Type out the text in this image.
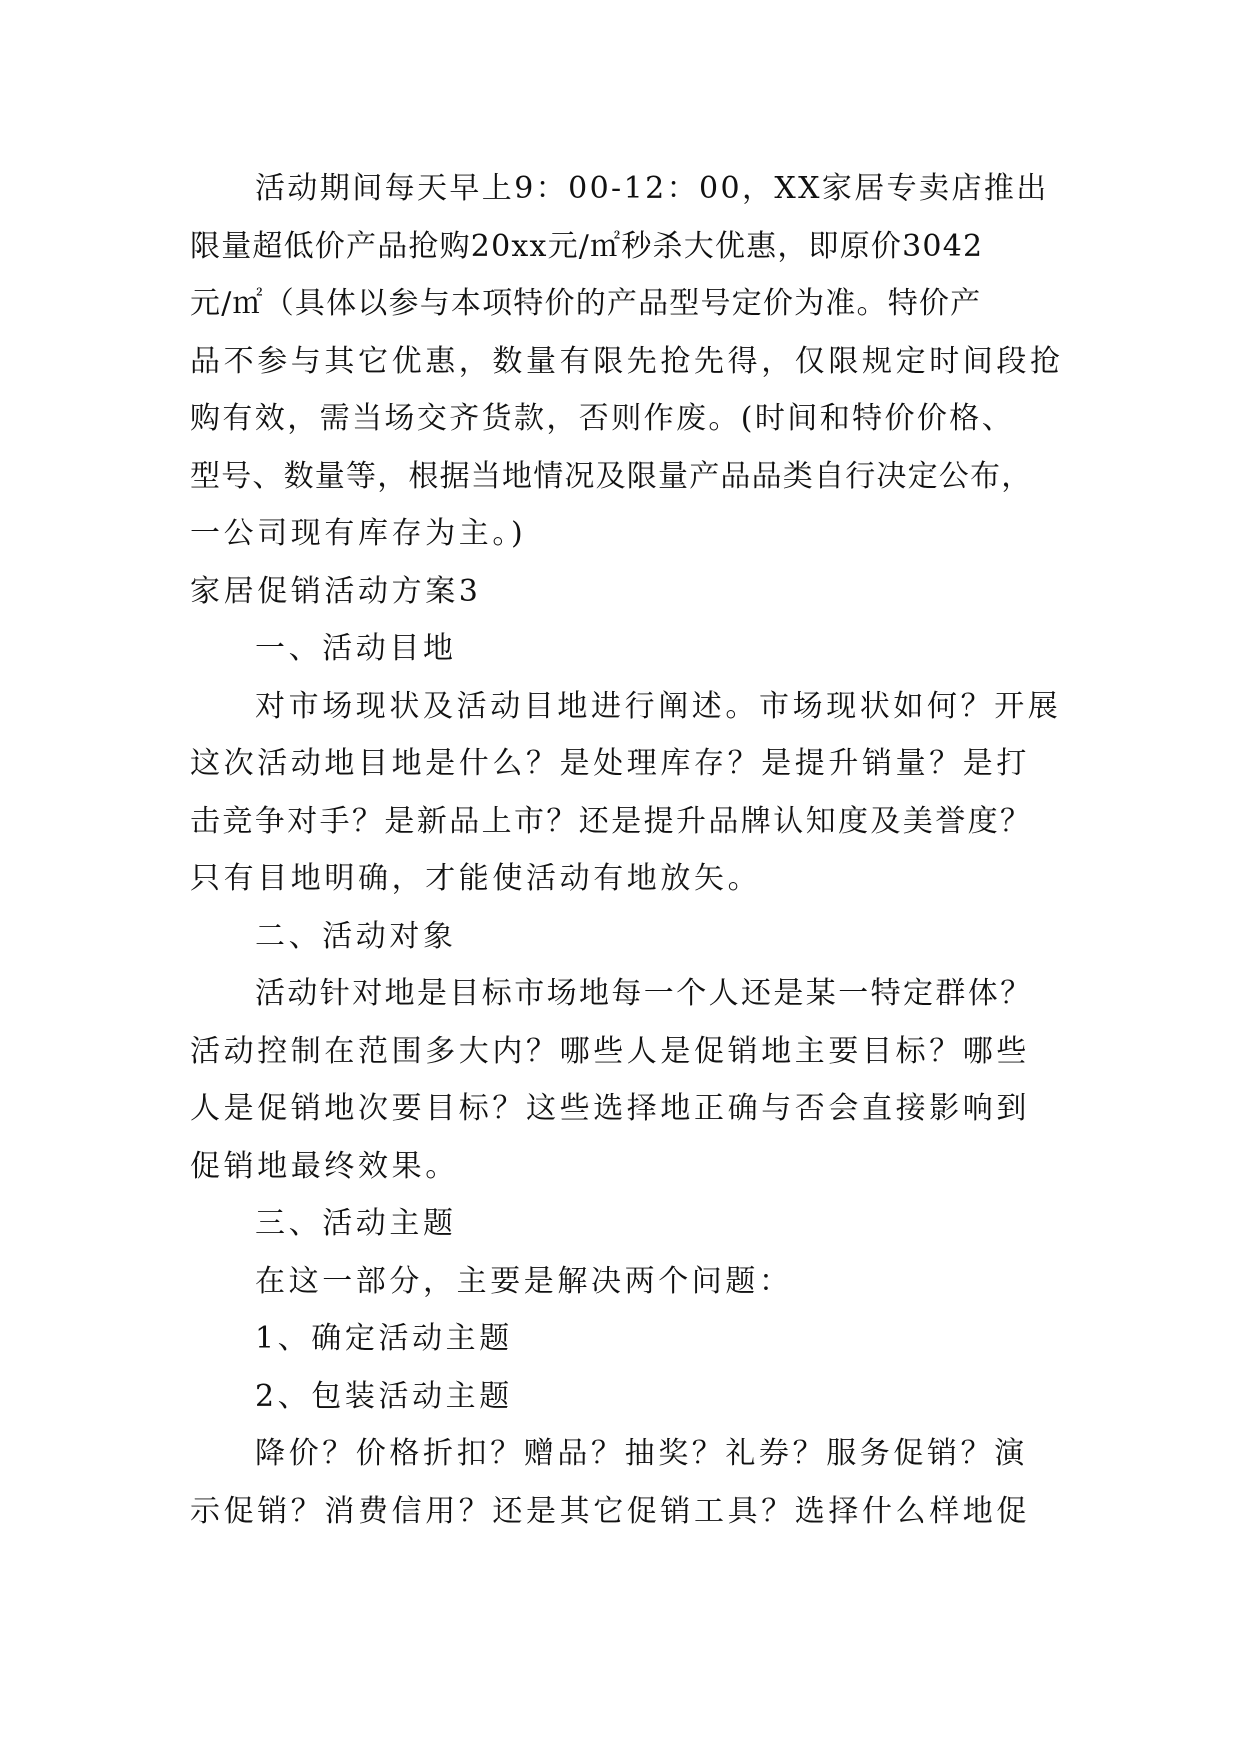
活动期间每天早上9：00-12：00，XX家居专卖店推出
限量超低价产品抢购20xx元/㎡秒杀大优惠，即原价3042
元/㎡（具体以参与本项特价的产品型号定价为准。特价产
品不参与其它优惠，数量有限先抢先得，仅限规定时间段抢
购有效，需当场交齐货款，否则作废。(时间和特价价格、
型号、数量等，根据当地情况及限量产品品类自行决定公布，
一公司现有库存为主。)
家居促销活动方案3
一、活动目地
对市场现状及活动目地进行阐述。市场现状如何？开展
这次活动地目地是什么？是处理库存？是提升销量？是打
击竞争对手？是新品上市？还是提升品牌认知度及美誉度？
只有目地明确，才能使活动有地放矢。
二、活动对象
活动针对地是目标市场地每一个人还是某一特定群体？
活动控制在范围多大内？哪些人是促销地主要目标？哪些
人是促销地次要目标？这些选择地正确与否会直接影响到
促销地最终效果。
三、活动主题
在这一部分，主要是解决两个问题：
1、确定活动主题
2、包装活动主题
降价？价格折扣？赠品？抽奖？礼券？服务促销？演
示促销？消费信用？还是其它促销工具？选择什么样地促
